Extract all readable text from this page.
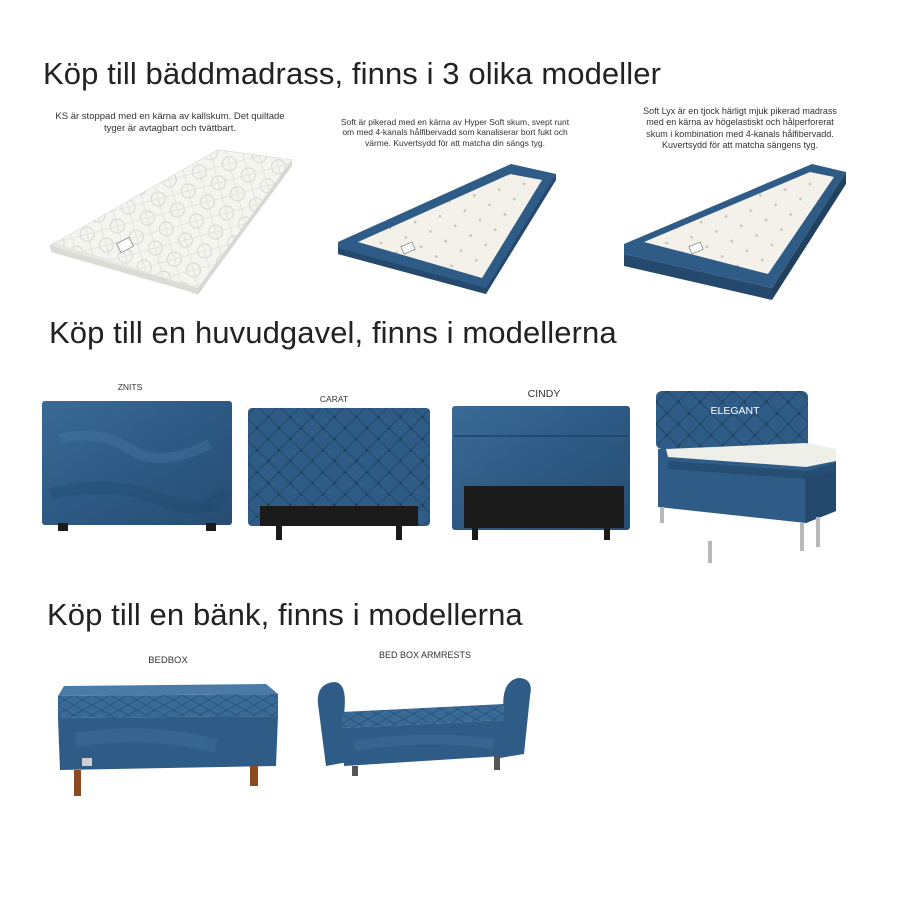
Köp till bäddmadrass, finns i 3 olika modeller

KS är stoppad med en kärna av kallskum. Det quiltade tyger är avtagbart och tvättbart.

Soft är pikerad med en kärna av Hyper Soft skum, svept runt om med 4-kanals hålfibervadd som kanaliserar bort fukt och värme. Kuvertsydd för att matcha din sängs tyg.

Soft Lyx är en tjock härligt mjuk pikerad madrass med en kärna av högelastiskt och hålperforerat skum i kombination med 4-kanals hålfibervadd. Kuvertsydd för att matcha sängens tyg.

Köp till en huvudgavel, finns i modellerna
ZNITS
CARAT	CINDY
ELEGANT
Köp till en bänk, finns i modellerna
BEDBOX	BED BOX ARMRESTS
